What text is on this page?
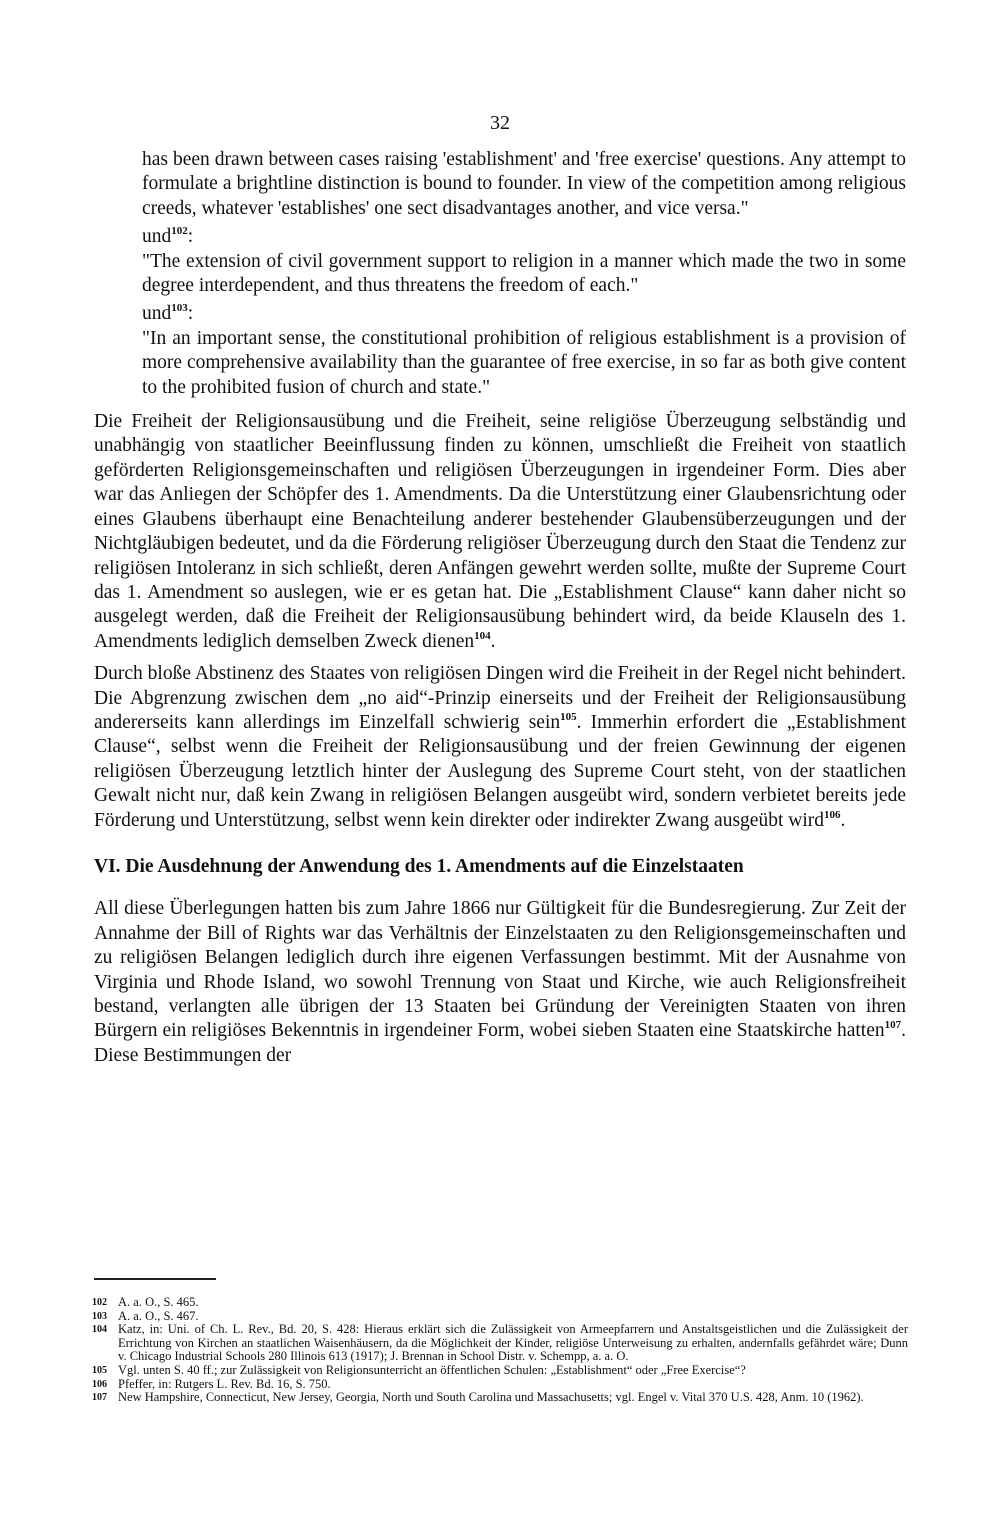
32

has been drawn between cases raising 'establishment' and 'free exercise' questions. Any attempt to formulate a brightline distinction is bound to founder. In view of the competition among religious creeds, whatever 'establishes' one sect disadvantages another, and vice versa."

und$^{102}$:

"The extension of civil government support to religion in a manner which made the two in some degree interdependent, and thus threatens the freedom of each."

und$^{103}$:

"In an important sense, the constitutional prohibition of religious establishment is a provision of more comprehensive availability than the guarantee of free exercise, in so far as both give content to the prohibited fusion of church and state."

Die Freiheit der Religionsausübung und die Freiheit, seine religiöse Überzeugung selbständig und unabhängig von staatlicher Beeinflussung finden zu können, umschließt die Freiheit von staatlich geförderten Religionsgemeinschaften und religiösen Überzeugungen in irgendeiner Form. Dies aber war das Anliegen der Schöpfer des 1. Amendments. Da die Unterstützung einer Glaubensrichtung oder eines Glaubens überhaupt eine Benachteilung anderer bestehender Glaubensüberzeugungen und der Nichtgläubigen bedeutet, und da die Förderung religiöser Überzeugung durch den Staat die Tendenz zur religiösen Intoleranz in sich schließt, deren Anfängen gewehrt werden sollte, mußte der Supreme Court das 1. Amendment so auslegen, wie er es getan hat. Die „Establishment Clause“ kann daher nicht so ausgelegt werden, daß die Freiheit der Religionsausübung behindert wird, da beide Klauseln des 1. Amendments lediglich demselben Zweck dienen$^{104}$.

Durch bloße Abstinenz des Staates von religiösen Dingen wird die Freiheit in der Regel nicht behindert. Die Abgrenzung zwischen dem „no aid“-Prinzip einerseits und der Freiheit der Religionsausübung andererseits kann allerdings im Einzelfall schwierig sein$^{105}$. Immerhin erfordert die „Establishment Clause“, selbst wenn die Freiheit der Religionsausübung und der freien Gewinnung der eigenen religiösen Überzeugung letztlich hinter der Auslegung des Supreme Court steht, von der staatlichen Gewalt nicht nur, daß kein Zwang in religiösen Belangen ausgeübt wird, sondern verbietet bereits jede Förderung und Unterstützung, selbst wenn kein direkter oder indirekter Zwang ausgeübt wird$^{106}$.

VI. Die Ausdehnung der Anwendung des 1. Amendments auf die Einzelstaaten

All diese Überlegungen hatten bis zum Jahre 1866 nur Gültigkeit für die Bundesregierung. Zur Zeit der Annahme der Bill of Rights war das Verhältnis der Einzelstaaten zu den Religionsgemeinschaften und zu religiösen Belangen lediglich durch ihre eigenen Verfassungen bestimmt. Mit der Ausnahme von Virginia und Rhode Island, wo sowohl Trennung von Staat und Kirche, wie auch Religionsfreiheit bestand, verlangten alle übrigen der 13 Staaten bei Gründung der Vereinigten Staaten von ihren Bürgern ein religiöses Bekenntnis in irgendeiner Form, wobei sieben Staaten eine Staatskirche hatten$^{107}$. Diese Bestimmungen der

102 A. a. O., S. 465.
103 A. a. O., S. 467.
104 Katz, in: Uni. of Ch. L. Rev., Bd. 20, S. 428: Hieraus erklärt sich die Zulässigkeit von Armeepfarrern und Anstaltsgeistlichen und die Zulässigkeit der Errichtung von Kirchen an staatlichen Waisenhäusern, da die Möglichkeit der Kinder, religiöse Unterweisung zu erhalten, andernfalls gefährdet wäre; Dunn v. Chicago Industrial Schools 280 Illinois 613 (1917); J. Brennan in School Distr. v. Schempp, a. a. O.
105 Vgl. unten S. 40 ff.; zur Zulässigkeit von Religionsunterricht an öffentlichen Schulen: „Establishment“ oder „Free Exercise“?
106 Pfeffer, in: Rutgers L. Rev. Bd. 16, S. 750.
107 New Hampshire, Connecticut, New Jersey, Georgia, North und South Carolina und Massachusetts; vgl. Engel v. Vital 370 U.S. 428, Anm. 10 (1962).
